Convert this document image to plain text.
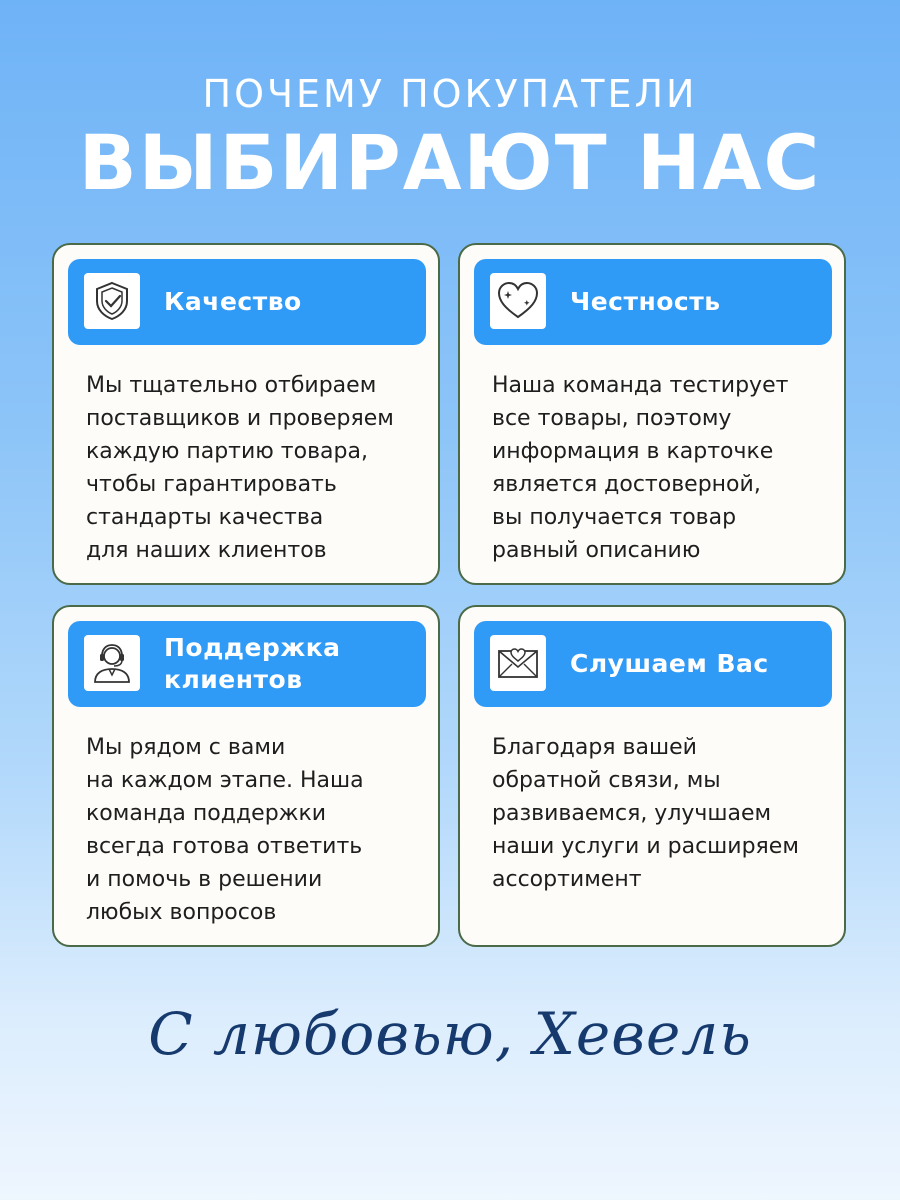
ПОЧЕМУ ПОКУПАТЕЛИ
ВЫБИРАЮТ НАС
Качество
Мы тщательно отбираем
поставщиков и проверяем
каждую партию товара,
чтобы гарантировать
стандарты качества
для наших клиентов
Честность
Наша команда тестирует
все товары, поэтому
информация в карточке
является достоверной,
вы получается товар
равный описанию
Поддержка
клиентов
Мы рядом с вами
на каждом этапе. Наша
команда поддержки
всегда готова ответить
и помочь в решении
любых вопросов
Слушаем Вас
Благодаря вашей
обратной связи, мы
развиваемся, улучшаем
наши услуги и расширяем
ассортимент
С любовью, Хевель
